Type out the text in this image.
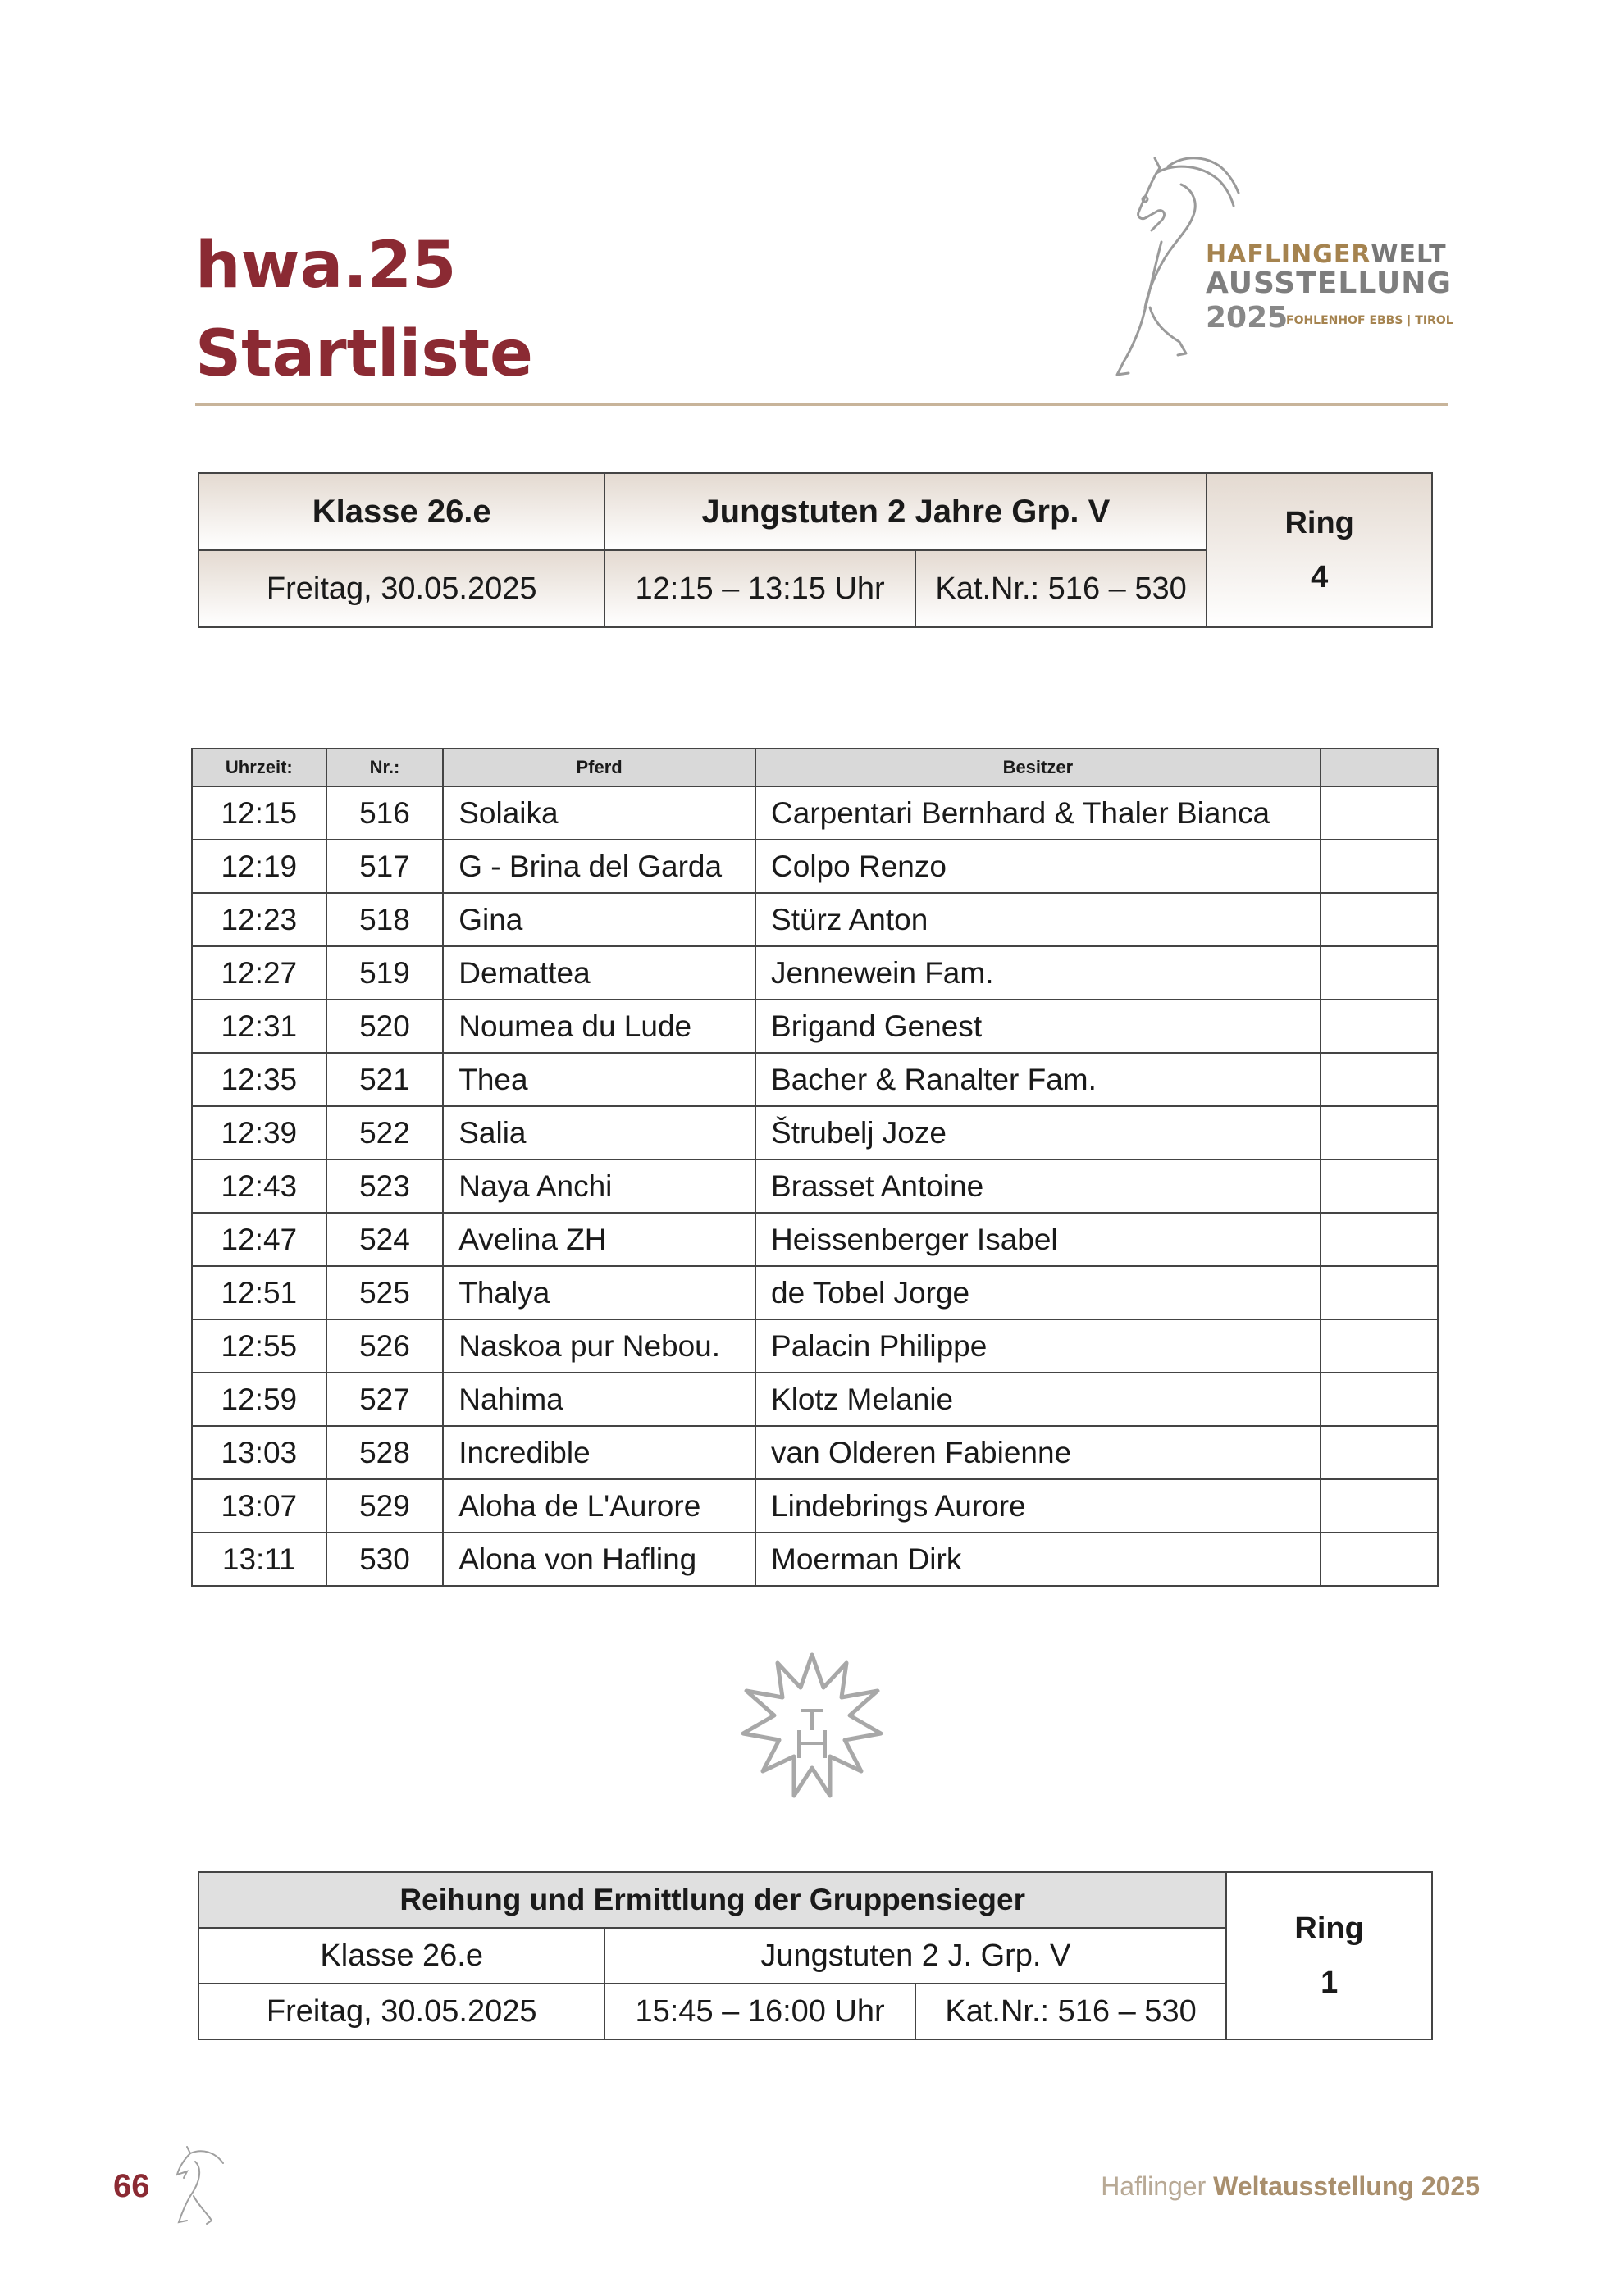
hwa.25
Startliste
HAFLINGERWELT
AUSSTELLUNG
2025
FOHLENHOF EBBS | TIROL
Klasse 26.e	Jungstuten 2 Jahre Grp. V		Ring
4

Freitag, 30.05.2025	12:15 – 13:15 Uhr	Kat.Nr.: 516 – 530	
Uhrzeit:	Nr.:	Pferd	Besitzer	
12:15	516	Solaika	Carpentari Bernhard & Thaler Bianca	
12:19	517	G - Brina del Garda	Colpo Renzo	
12:23	518	Gina	Stürz Anton	
12:27	519	Demattea	Jennewein Fam.	
12:31	520	Noumea du Lude	Brigand Genest	
12:35	521	Thea	Bacher & Ranalter Fam.	
12:39	522	Salia	Štrubelj Joze	
12:43	523	Naya Anchi	Brasset Antoine	
12:47	524	Avelina ZH	Heissenberger Isabel	
12:51	525	Thalya	de Tobel Jorge	
12:55	526	Naskoa pur Nebou.	Palacin Philippe	
12:59	527	Nahima	Klotz Melanie	
13:03	528	Incredible	van Olderen Fabienne	
13:07	529	Aloha de L'Aurore	Lindebrings Aurore	
13:11	530	Alona von Hafling	Moerman Dirk	
Reihung und Ermittlung der Gruppensieger			Ring
1

Klasse 26.e	Jungstuten 2 J. Grp. V		
Freitag, 30.05.2025	15:45 – 16:00 Uhr	Kat.Nr.: 516 – 530	
66	Haflinger Weltausstellung 2025
